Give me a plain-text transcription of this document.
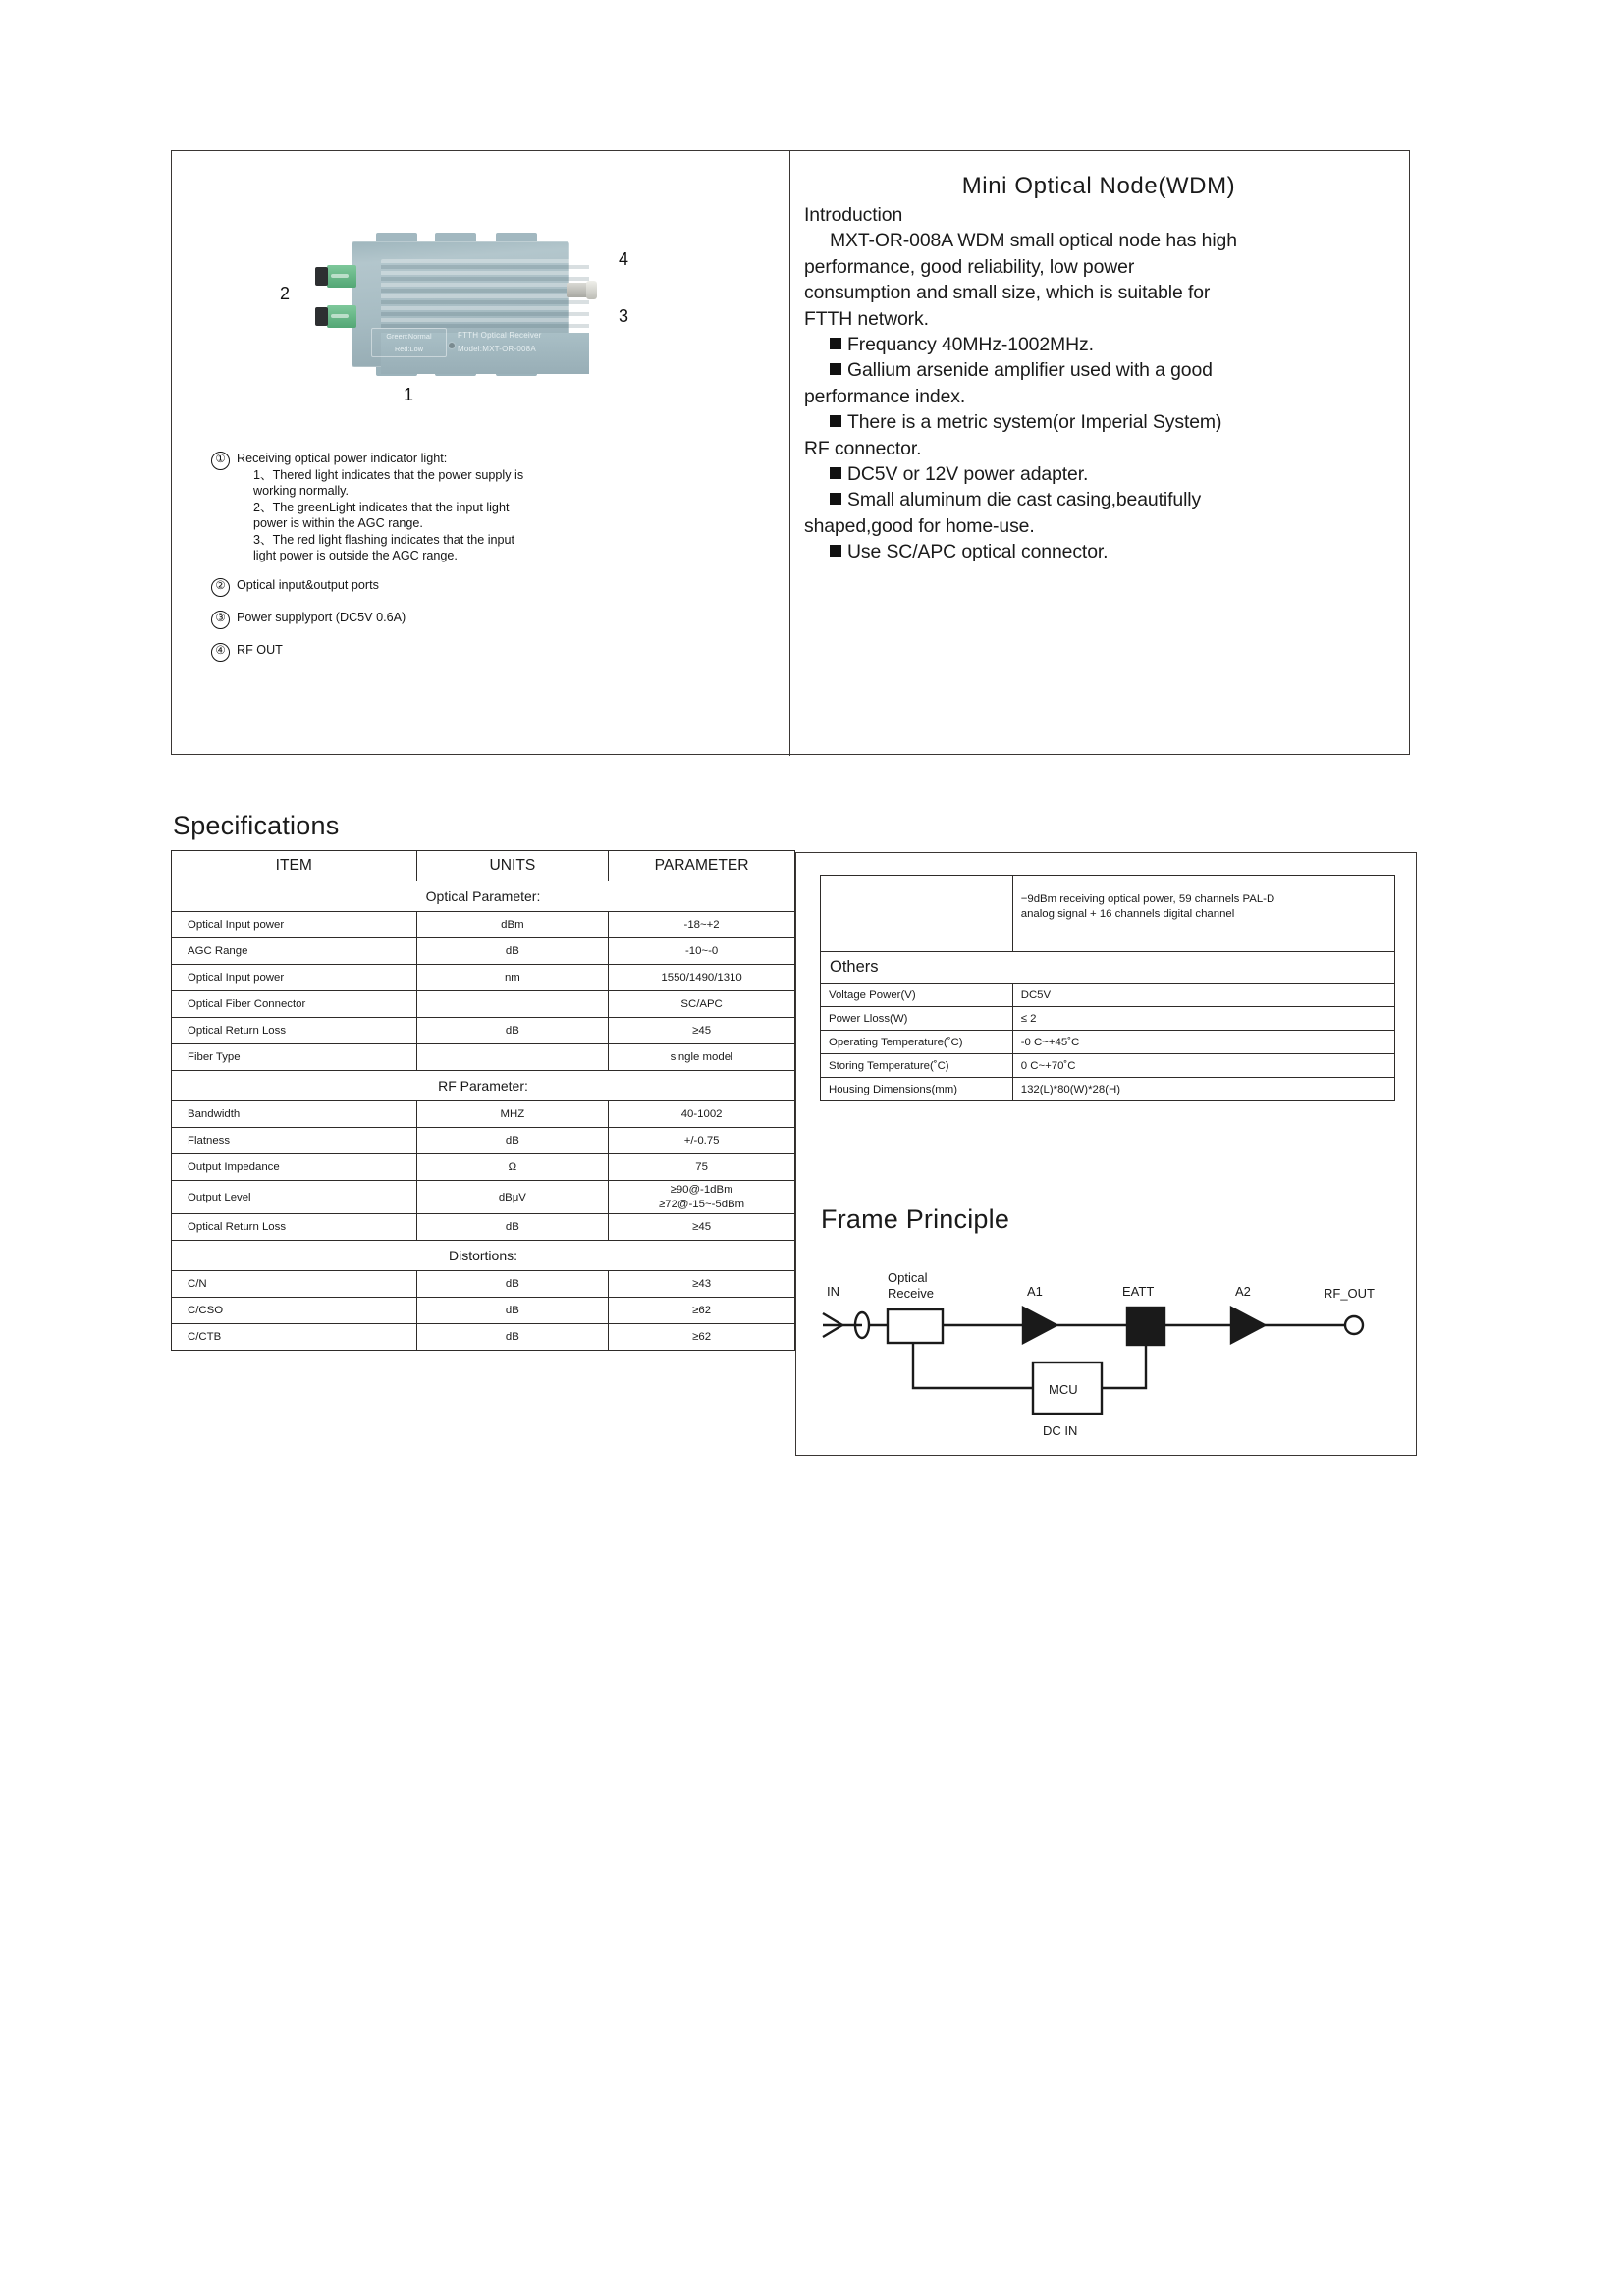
Green:Normal
Red:Low
FTTH Optical Receiver
Model:MXT-OR-008A
1
2
3
4
① Receiving optical power indicator light:
1、Thered light indicates that the power supply is
working normally.
2、The greenLight indicates that the input light
power is within the AGC range.
3、The red light flashing indicates that the input
light power is outside the AGC range.
② Optical input&output ports
③ Power supplyport (DC5V 0.6A)
④ RF OUT
Mini Optical Node(WDM)

Introduction

MXT-OR-008A WDM small optical node has high

performance, good reliability, low power

consumption and small size, which is suitable for

FTTH network.

Frequancy 40MHz-1002MHz.

Gallium arsenide amplifier used with a good

performance index.

There is a metric system(or Imperial System)

RF connector.

DC5V or 12V power adapter.

Small aluminum die cast casing,beautifully

shaped,good for home-use.

Use SC/APC optical connector.

Specifications
ITEM	UNITS	PARAMETER
Optical Parameter:		
Optical Input power	dBm	-18~+2
AGC Range	dB	-10~-0
Optical Input power	nm	1550/1490/1310
Optical Fiber Connector		SC/APC
Optical Return Loss	dB	≥45
Fiber Type		single model
RF Parameter:		
Bandwidth	MHZ	40-1002
Flatness	dB	+/-0.75
Output Impedance	Ω	75
Output Level	dBμV	≥90@-1dBm
≥72@-15~-5dBm
Optical Return Loss	dB	≥45
Distortions:		
C/N	dB	≥43
C/CSO	dB	≥62
C/CTB	dB	≥62
	−9dBm receiving optical power, 59 channels PAL-D
analog signal + 16 channels digital channel
Others	
Voltage Power(V)	DC5V
Power Lloss(W)	≤ 2
Operating Temperature(˚C)	-0 C~+45˚C
Storing Temperature(˚C)	0 C~+70˚C
Housing Dimensions(mm)	132(L)*80(W)*28(H)
Frame Principle
IN
Optical
Receive	A1	EATT	A2	RF_OUT
MCU
DC IN
